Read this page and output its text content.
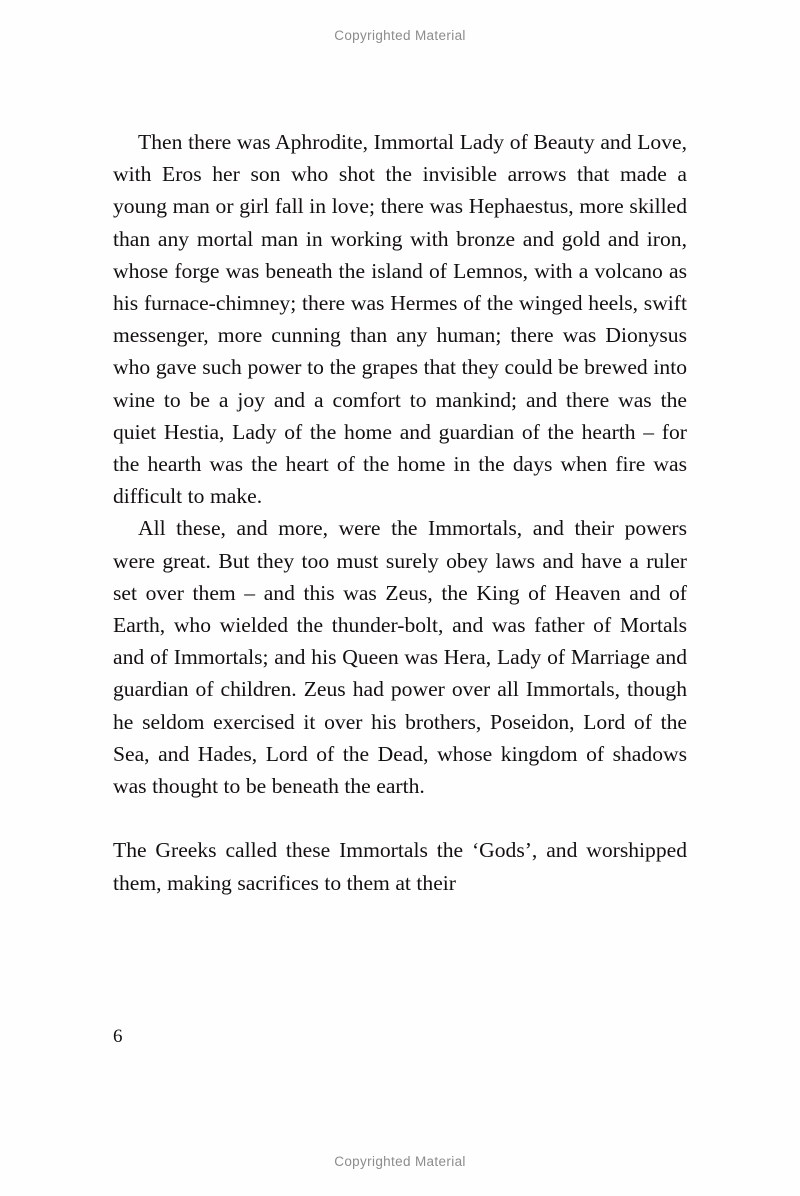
Copyrighted Material

Then there was Aphrodite, Immortal Lady of Beauty and Love, with Eros her son who shot the invisible arrows that made a young man or girl fall in love; there was Hephaestus, more skilled than any mortal man in working with bronze and gold and iron, whose forge was beneath the island of Lemnos, with a volcano as his furnace-chimney; there was Hermes of the winged heels, swift messenger, more cunning than any human; there was Dionysus who gave such power to the grapes that they could be brewed into wine to be a joy and a comfort to mankind; and there was the quiet Hestia, Lady of the home and guardian of the hearth – for the hearth was the heart of the home in the days when fire was difficult to make.

All these, and more, were the Immortals, and their powers were great. But they too must surely obey laws and have a ruler set over them – and this was Zeus, the King of Heaven and of Earth, who wielded the thunder-bolt, and was father of Mortals and of Immortals; and his Queen was Hera, Lady of Marriage and guardian of children. Zeus had power over all Immortals, though he seldom exercised it over his brothers, Poseidon, Lord of the Sea, and Hades, Lord of the Dead, whose kingdom of shadows was thought to be beneath the earth.

The Greeks called these Immortals the ‘Gods’, and worshipped them, making sacrifices to them at their

6
Copyrighted Material
